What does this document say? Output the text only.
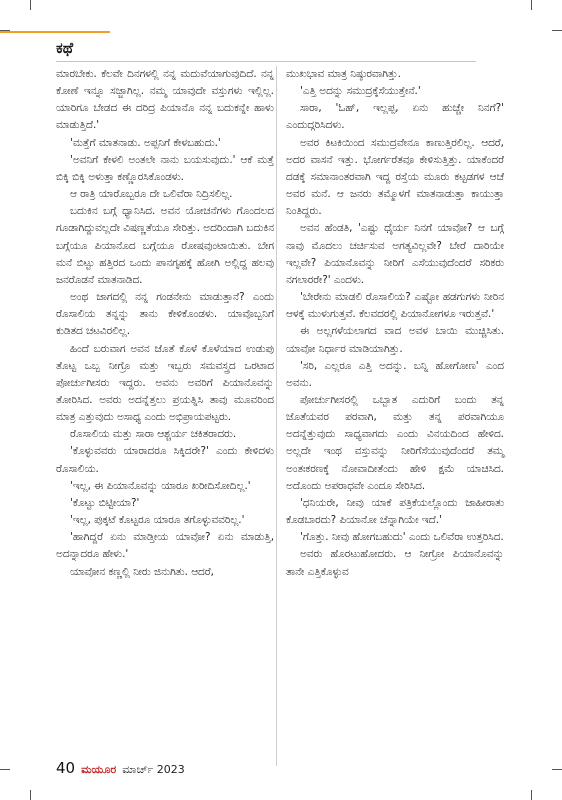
ಕಥೆ

ಮಾರಬೇಕು. ಕೆಲವೇ ದಿನಗಳಲ್ಲಿ ನನ್ನ ಮದುವೆಯಾಗುವುದಿದೆ. ನನ್ನ ಕೋಣೆ ಇನ್ನೂ ಸಜ್ಜಾಗಿಲ್ಲ. ನಮ್ಮ ಯಾವುದೇ ವಸ್ತುಗಳು ಇಲ್ಲಿಲ್ಲ. ಯಾರಿಗೂ ಬೇಡದ ಈ ದರಿದ್ರ ಪಿಯಾನೊ ನನ್ನ ಬದುಕನ್ನೇ ಹಾಳು ಮಾಡುತ್ತಿದೆ.'

'ಮತ್ತೆಗೆ ಮಾತನಾಡು. ಅಪ್ಪನಿಗೆ ಕೇಳಬಹುದು.'

'ಅವನಿಗೆ ಕೇಳಲಿ ಅಂತಲೇ ನಾನು ಬಯಸುವುದು.' ಆಕೆ ಮತ್ತೆ ಬಿಕ್ಕಿ ಬಿಕ್ಕಿ ಅಳುತ್ತಾ ಕಣ್ಣೊರಸಿಕೊಂಡಳು.

ಆ ರಾತ್ರಿ ಯಾರೊಬ್ಬರೂ ದೇ ಒಲಿವೆರಾ ನಿದ್ರಿಸಲಿಲ್ಲ.

ಬದುಕಿನ ಬಗ್ಗೆ ಧ್ಯಾನಿಸಿದ. ಅವನ ಯೋಚನೆಗಳು ಗೊಂದಲದ ಗೂಡಾಗಿದ್ದುವಲ್ಲದೇ ವಿಷಣ್ಣತೆಯೂ ಸೇರಿತ್ತು. ಅದರಿಂದಾಗಿ ಬದುಕಿನ ಬಗ್ಗೆಯೂ ಪಿಯಾನೊದ ಬಗ್ಗೆಯೂ ರೋಷವುಂಟಾಯಿತು. ಬೇಗ ಮನೆ ಬಿಟ್ಟು ಹತ್ತಿರದ ಒಂದು ಪಾನಗೃಹಕ್ಕೆ ಹೋಗಿ ಅಲ್ಲಿದ್ದ ಹಲವು ಜನರೊಡನೆ ಮಾತನಾಡಿದ.

ಅಂಥ ಜಾಗದಲ್ಲಿ ನನ್ನ ಗಂಡನೇನು ಮಾಡುತ್ತಾನೆ? ಎಂದು ರೊಸಾಲಿಯ ತನ್ನನ್ನು ತಾನು ಕೇಳಿಕೊಂಡಳು. ಯಾವೊಬ್ಬನಿಗೆ ಕುಡಿತದ ಚಟವಿರಲಿಲ್ಲ.

ಹಿಂದೆ ಬರುವಾಗ ಅವನ ಜೊತೆ ಕೊಳೆ ಕೊಳೆಯಾದ ಉಡುಪು ತೊಟ್ಟ ಒಬ್ಬ ನೀಗ್ರೊ ಮತ್ತು ಇಬ್ಬರು ಸಮವಸ್ತ್ರದ ಒರಟಾದ ಪೋರ್ಚುಗೀಸರು ಇದ್ದರು. ಅವನು ಅವರಿಗೆ ಪಿಯಾನೊವನ್ನು ತೋರಿಸಿದ. ಅವರು ಅದನ್ನೆತ್ತಲು ಪ್ರಯತ್ನಿಸಿ ತಾವು ಮೂವರಿಂದ ಮಾತ್ರ ಎತ್ತುವುದು ಅಸಾಧ್ಯ ಎಂದು ಅಭಿಪ್ರಾಯಪಟ್ಟರು.

ರೊಸಾಲಿಯ ಮತ್ತು ಸಾರಾ ಆಶ್ಚರ್ಯ ಚಕಿತರಾದರು.

'ಕೊಳ್ಳುವವರು ಯಾರಾದರೂ ಸಿಕ್ಕಿದರೇ?' ಎಂದು ಕೇಳಿದಳು ರೊಸಾಲಿಯ.

'ಇಲ್ಲ, ಈ ಪಿಯಾನೊವನ್ನು ಯಾರೂ ಖರೀದಿಸೋದಿಲ್ಲ.'

'ಕೊಟ್ಟು ಬಿಟ್ಟೀಯಾ?'

'ಇಲ್ಲ, ಪುಕ್ಕಟೆ ಕೊಟ್ಟರೂ ಯಾರೂ ತಗೊಳ್ಳುವವರಿಲ್ಲ.'

'ಹಾಗಿದ್ದರೆ ಏನು ಮಾಡ್ತೀಯ ಯಾವೋ? ಏನು ಮಾಡುತ್ತಿ, ಅದನ್ನಾದರೂ ಹೇಳು.'

ಯಾವೋನ ಕಣ್ಣಲ್ಲಿ ನೀರು ಜಿನುಗಿತು. ಆದರೆ,

ಮುಖಭಾವ ಮಾತ್ರ ನಿಷ್ಠುರವಾಗಿತ್ತು.

'ಎತ್ತಿ ಅದನ್ನು ಸಮುದ್ರಕ್ಕೆಸೆಯುತ್ತೇನೆ.'

ಸಾರಾ, 'ಓಹ್, ಇಲ್ಲಪ್ಪ, ಏನು ಹುಚ್ಚೇ ನಿನಗೆ?' ಎಂದುದ್ಗರಿಸಿದಳು.

ಅವರ ಕಿಟಕಿಯಿಂದ ಸಮುದ್ರವೇನೂ ಕಾಣುತ್ತಿರಲಿಲ್ಲ. ಆದರೆ, ಅದರ ವಾಸನೆ ಇತ್ತು. ಭೋರ್ಗರೆತವೂ ಕೇಳಿಸುತ್ತಿತ್ತು. ಯಾಕೆಂದರೆ ದಡಕ್ಕೆ ಸಮಾನಾಂತರವಾಗಿ ಇದ್ದ ರಸ್ತೆಯ ಮೂರು ಕಟ್ಟಡಗಳ ಆಚೆ ಅವರ ಮನೆ. ಆ ಜನರು ತಮ್ಮೊಳಗೆ ಮಾತನಾಡುತ್ತಾ ಕಾಯುತ್ತಾ ನಿಂತಿದ್ದರು.

ಅವನ ಹೆಂಡತಿ, 'ಎಷ್ಟು ಧೈರ್ಯ ನಿನಗೆ ಯಾವೋ? ಆ ಬಗ್ಗೆ ನಾವು ಮೊದಲು ಚರ್ಚಿಸುವ ಅಗತ್ಯವಿಲ್ಲವೇ? ಬೇರೆ ದಾರಿಯೇ ಇಲ್ಲವೇ? ಪಿಯಾನೊವನ್ನು ನೀರಿಗೆ ಎಸೆಯುವುದೆಂದರೆ ಸರಿಕರು ನಗಲಾರರೇ?' ಎಂದಳು.

'ಬೇರೇನು ಮಾಡಲಿ ರೊಸಾಲಿಯ? ಎಷ್ಟೋ ಹಡಗುಗಳು ನೀರಿನ ಆಳಕ್ಕೆ ಮುಳುಗುತ್ತವೆ. ಕೆಲವದರಲ್ಲಿ ಪಿಯಾನೋಗಳೂ ಇರುತ್ತವೆ.'

ಈ ಅಲ್ಲಗಳೆಯಲಾಗದ ವಾದ ಅವಳ ಬಾಯಿ ಮುಚ್ಚಿಸಿತು. ಯಾವೋ ನಿರ್ಧಾರ ಮಾಡಿಯಾಗಿತ್ತು.

'ಸರಿ, ಎಲ್ಲರೂ ಎತ್ತಿ ಅದನ್ನು. ಬನ್ನಿ ಹೋಗೋಣ' ಎಂದ ಅವನು.

ಪೋರ್ಚುಗೀಸರಲ್ಲಿ ಒಬ್ಬಾತ ಎದುರಿಗೆ ಬಂದು ತನ್ನ ಜೊತೆಯವರ ಪರವಾಗಿ, ಮತ್ತು ತನ್ನ ಪರವಾಗಿಯೂ ಅದನ್ನೆತ್ತುವುದು ಸಾಧ್ಯವಾಗದು ಎಂದು ವಿನಯದಿಂದ ಹೇಳಿದ. ಅಲ್ಲದೇ ಇಂಥ ವಸ್ತುವನ್ನು ನೀರಿಗೆಸೆಯುವುದೆಂದರೆ ತಮ್ಮ ಅಂತಃಕರಣಕ್ಕೆ ನೋವಾದೀತೆಂದು ಹೇಳಿ ಕ್ಷಮೆ ಯಾಚಿಸಿದ. ಅದೊಂದು ಅಪರಾಧವೇ ಎಂದೂ ಸೇರಿಸಿದ.

'ಧನಿಯರೇ, ನೀವು ಯಾಕೆ ಪತ್ರಿಕೆಯಲ್ಲೊಂದು ಜಾಹೀರಾತು ಕೊಡಬಾರದು? ಪಿಯಾನೋ ಚೆನ್ನಾಗಿಯೇ ಇದೆ.'

'ಗೊತ್ತು. ನೀವು ಹೋಗಬಹುದು' ಎಂದು ಒಲಿವೆರಾ ಉತ್ತರಿಸಿದ.

ಅವರು ಹೊರಟುಹೋದರು. ಆ ನೀಗ್ರೋ ಪಿಯಾನೊವನ್ನು ತಾನೇ ಎತ್ತಿಕೊಳ್ಳುವ

40 ಮಯೂರ ಮಾರ್ಚ್ 2023
